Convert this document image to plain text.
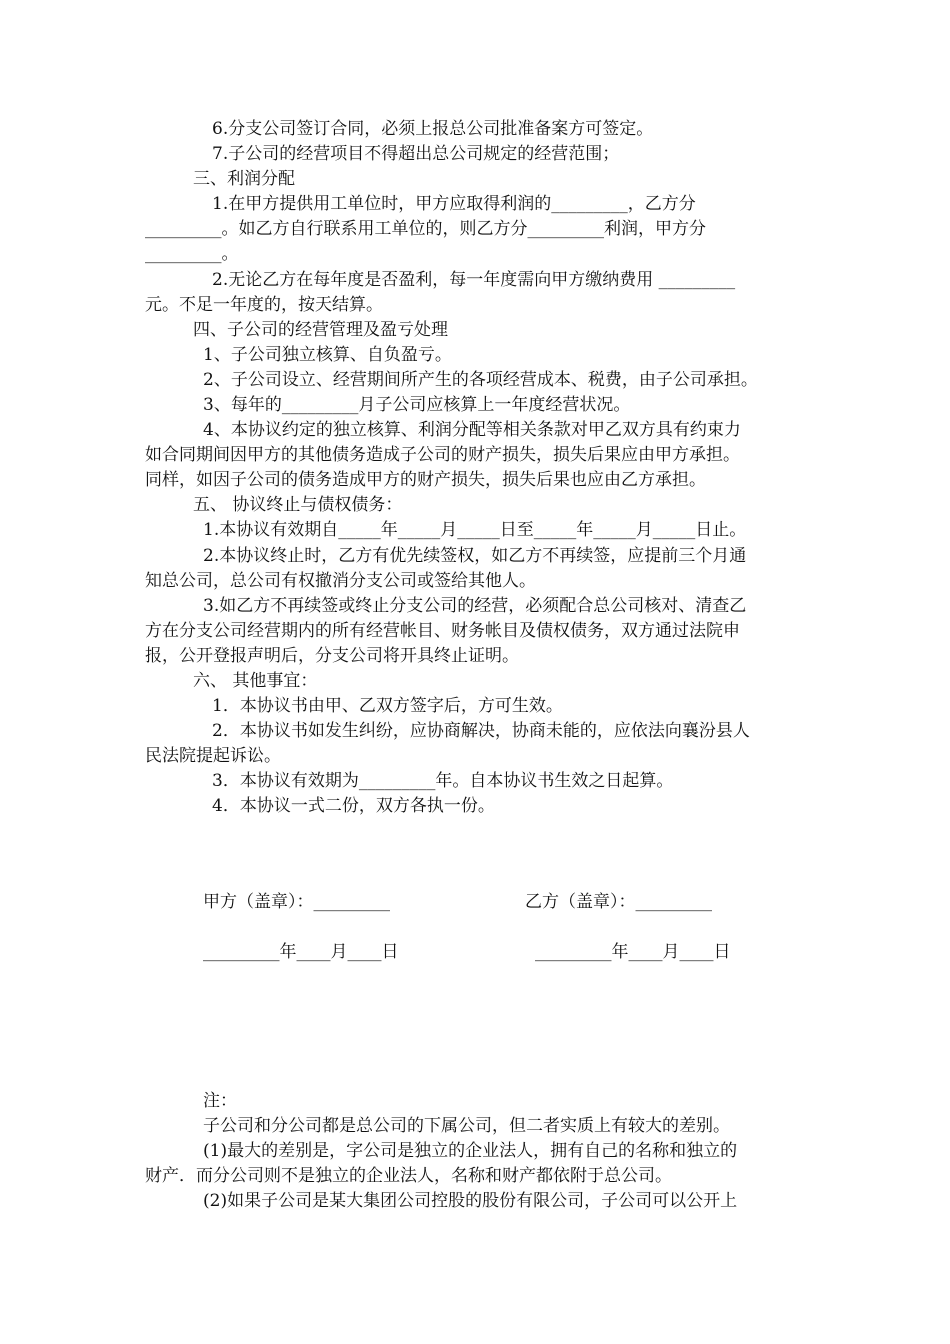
6.分支公司签订合同，必须上报总公司批准备案方可签定。
7.子公司的经营项目不得超出总公司规定的经营范围；
三、利润分配
1.在甲方提供用工单位时，甲方应取得利润的_________，乙方分
_________。如乙方自行联系用工单位的，则乙方分_________利润，甲方分
_________。
2.无论乙方在每年度是否盈利，每一年度需向甲方缴纳费用 _________
元。不足一年度的，按天结算。
四、子公司的经营管理及盈亏处理
1、子公司独立核算、自负盈亏。
2、子公司设立、经营期间所产生的各项经营成本、税费，由子公司承担。
3、每年的_________月子公司应核算上一年度经营状况。
4、本协议约定的独立核算、利润分配等相关条款对甲乙双方具有约束力
如合同期间因甲方的其他债务造成子公司的财产损失，损失后果应由甲方承担。
同样，如因子公司的债务造成甲方的财产损失，损失后果也应由乙方承担。
五、 协议终止与债权债务：
1.本协议有效期自_____年_____月_____日至_____年_____月_____日止。
2.本协议终止时，乙方有优先续签权，如乙方不再续签，应提前三个月通
知总公司，总公司有权撤消分支公司或签给其他人。
3.如乙方不再续签或终止分支公司的经营，必须配合总公司核对、清查乙
方在分支公司经营期内的所有经营帐目、财务帐目及债权债务，双方通过法院申
报，公开登报声明后，分支公司将开具终止证明。
六、 其他事宜：
1．本协议书由甲、乙双方签字后，方可生效。
2．本协议书如发生纠纷，应协商解决，协商未能的，应依法向襄汾县人
民法院提起诉讼。
3．本协议有效期为_________年。自本协议书生效之日起算。
4．本协议一式二份，双方各执一份。
甲方（盖章）：_________	乙方（盖章）：_________
_________年____月____日	_________年____月____日
注：
子公司和分公司都是总公司的下属公司，但二者实质上有较大的差别。
(1)最大的差别是，字公司是独立的企业法人，拥有自己的名称和独立的
财产．而分公司则不是独立的企业法人，名称和财产都依附于总公司。
(2)如果子公司是某大集团公司控股的股份有限公司，子公司可以公开上
